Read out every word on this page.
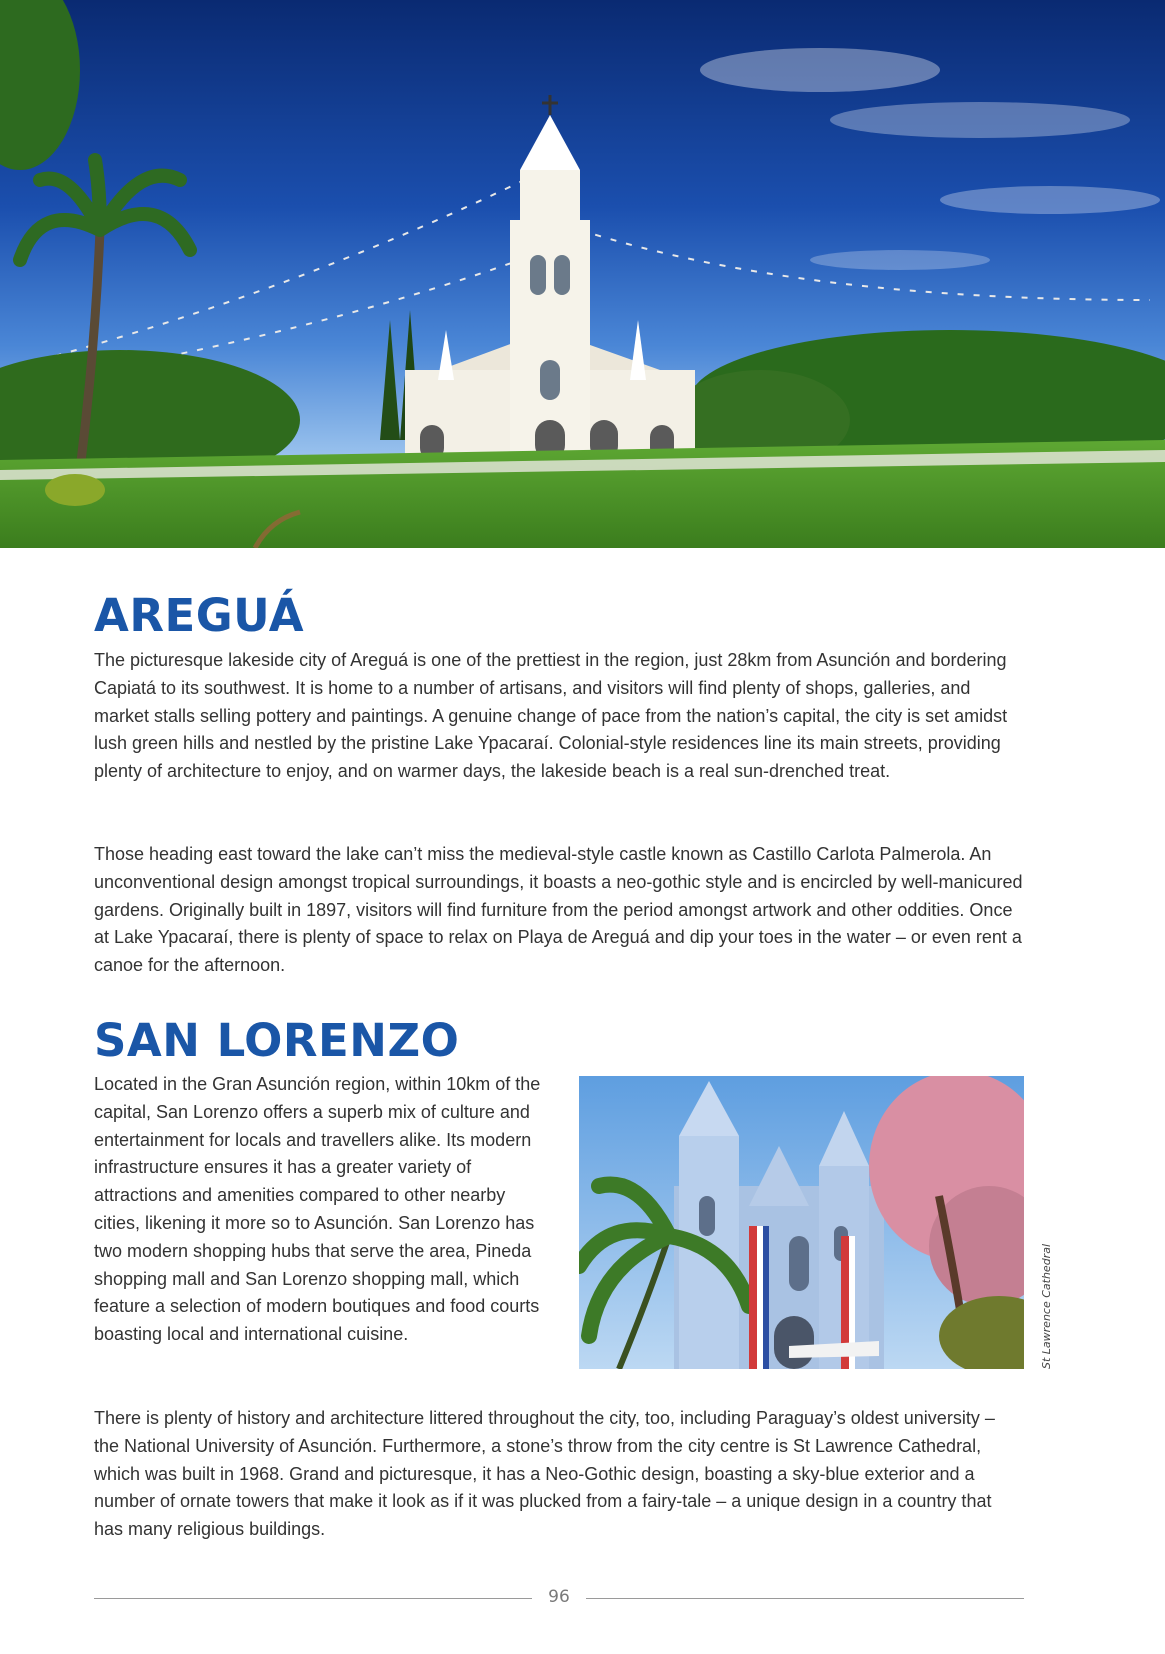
AREGUÁ

The picturesque lakeside city of Areguá is one of the prettiest in the region, just 28km from Asunción and bordering Capiatá to its southwest. It is home to a number of artisans, and visitors will find plenty of shops, galleries, and market stalls selling pottery and paintings. A genuine change of pace from the nation’s capital, the city is set amidst lush green hills and nestled by the pristine Lake Ypacaraí. Colonial-style residences line its main streets, providing plenty of architecture to enjoy, and on warmer days, the lakeside beach is a real sun-drenched treat.

Those heading east toward the lake can’t miss the medieval-style castle known as Castillo Carlota Palmerola. An unconventional design amongst tropical surroundings, it boasts a neo-gothic style and is encircled by well-manicured gardens. Originally built in 1897, visitors will find furniture from the period amongst artwork and other oddities. Once at Lake Ypacaraí, there is plenty of space to relax on Playa de Areguá and dip your toes in the water – or even rent a canoe for the afternoon.

SAN LORENZO

Located in the Gran Asunción region, within 10km of the capital, San Lorenzo offers a superb mix of culture and entertainment for locals and travellers alike. Its modern infrastructure ensures it has a greater variety of attractions and amenities compared to other nearby cities, likening it more so to Asunción. San Lorenzo has two modern shopping hubs that serve the area, Pineda shopping mall and San Lorenzo shopping mall, which feature a selection of modern boutiques and food courts boasting local and international cuisine.	St Lawrence Cathedral

There is plenty of history and architecture littered throughout the city, too, including Paraguay’s oldest university – the National University of Asunción. Furthermore, a stone’s throw from the city centre is St Lawrence Cathedral, which was built in 1968. Grand and picturesque, it has a Neo-Gothic design, boasting a sky-blue exterior and a number of ornate towers that make it look as if it was plucked from a fairy-tale – a unique design in a country that has many religious buildings.

96
